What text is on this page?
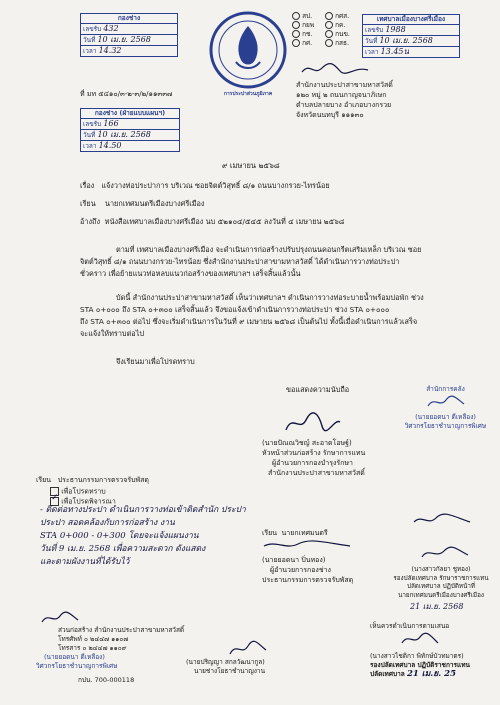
กองช่าง
เลขรับ 432
วันที่ 10 เม.ย. 2568
เวลา 14.32
ที่ มท ๕๔๑๐/๓-๒-๓/๒/๑๑๓๓๗
กองช่าง (ฝ่ายแบบแผนฯ)
เลขรับ 166
วันที่ 10 เม.ย. 2568
เวลา 14.50
การประปาส่วนภูมิภาค
สป.	กศส.
กยพ	กค.
กช.	กนข.
กศ.	กสธ.
เทศบาลเมืองบางศรีเมือง
เลขรับ 1988
วันที่ 10 เม.ย. 2568
เวลา 13.45น
สำนักงานประปาสาขามหาสวัสดิ์
๑๒๐ หมู่ ๒ ถนนกาญจนาภิเษก
ตำบลปลายบาง อำเภอบางกรวย
จังหวัดนนทบุรี ๑๑๑๓๐
๙ เมษายน ๒๕๖๘
เรื่อง แจ้งวางท่อประปาการ บริเวณ ซอยจิตต์วิสุทธิ์ ๘/๑ ถนนบางกรวย-ไทรน้อย
เรียน นายกเทศมนตรีเมืองบางศรีเมือง
อ้างถึง หนังสือเทศบาลเมืองบางศรีเมือง นบ ๕๒๑๐๔/๕๔๕ ลงวันที่ ๔ เมษายน ๒๕๖๘
ตามที่ เทศบาลเมืองบางศรีเมือง จะดำเนินการก่อสร้างปรับปรุงถนนคอนกรีตเสริมเหล็ก บริเวณ ซอย
จิตต์วิสุทธิ์ ๘/๑ ถนนบางกรวย-ไทรน้อย ซึ่งสำนักงานประปาสาขามหาสวัสดิ์ ได้ดำเนินการวางท่อประปา
ชั่วคราว เพื่อย้ายแนวท่อหลบแนวก่อสร้างของเทศบาลฯ เสร็จสิ้นแล้วนั้น
บัดนี้ สำนักงานประปาสาขามหาสวัสดิ์ เห็นว่าเทศบาลฯ ดำเนินการวางท่อระบายน้ำพร้อมบ่อพัก ช่วง
STA ๐+๐๐๐ ถึง STA ๐+๓๐๐ เสร็จสิ้นแล้ว จึงขอแจ้งเข้าดำเนินการวางท่อประปา ช่วง STA ๐+๐๐๐
ถึง STA ๐+๓๐๐ ต่อไป ซึ่งจะเริ่มดำเนินการในวันที่ ๙ เมษายน ๒๕๖๘ เป็นต้นไป ทั้งนี้เมื่อดำเนินการแล้วเสร็จ
จะแจ้งให้ทราบต่อไป
จึงเรียนมาเพื่อโปรดทราบ
ขอแสดงความนับถือ
(นายปัณณวิชญ์ สะอาดโอษฐ์)
หัวหน้าส่วนก่อสร้าง รักษาการแทน
ผู้อำนวยการกองบำรุงรักษา
สำนักงานประปาสาขามหาสวัสดิ์
สำนักการคลัง
(นายยอดนา ดีเหลือง)
วิศวกรโยธาชำนาญการพิเศษ
เรียน ประธานกรรมการตรวจรับพัสดุ
เพื่อโปรดทราบ
✓ เพื่อโปรดพิจารณา
- ติดต่อทางประปา ดำเนินการวางท่อเข้าติดสำนัก ประปา
ประปา สอดคล้องกับการก่อสร้าง งาน
STA 0+000 - 0+300 โดยจะแจ้งแผนงาน
วันที่ 9 เม.ย. 2568 เพื่อความสะดวก ดังแสดง
และตามผังงานที่ได้รับไว้
เรียน นายกเทศมนตรี
(นายยอดนา ปิ่นทอง)
ผู้อำนวยการกองช่าง
ประธานกรรมการตรวจรับพัสดุ
(นางสาวกัลยา ชูทอง)
รองปลัดเทศบาล รักษาราชการแทน
ปลัดเทศบาล ปฏิบัติหน้าที่
นายกเทศมนตรีเมืองบางศรีเมือง
ส่วนก่อสร้าง สำนักงานประปาสาขามหาสวัสดิ์
โทรศัพท์ ๐ ๒๔๔๗ ๑๑๐๗
โทรสาร ๐ ๒๔๔๗ ๑๑๐๙
(นายยอดนา ดีเหลือง)
วิศวกรโยธาชำนาญการพิเศษ
กปน. 700-000118
(นายปริญญา สกลวัฒนากูล)
นายช่างโยธาชำนาญงาน
เห็นควรดำเนินการตามเสนอ
21 เม.ย. 2568
(นางสาวไชติกา พิทักษ์บัวทมาตร)
รองปลัดเทศบาล ปฏิบัติราชการแทน
ปลัดเทศบาล 21 เม.ย. 25
